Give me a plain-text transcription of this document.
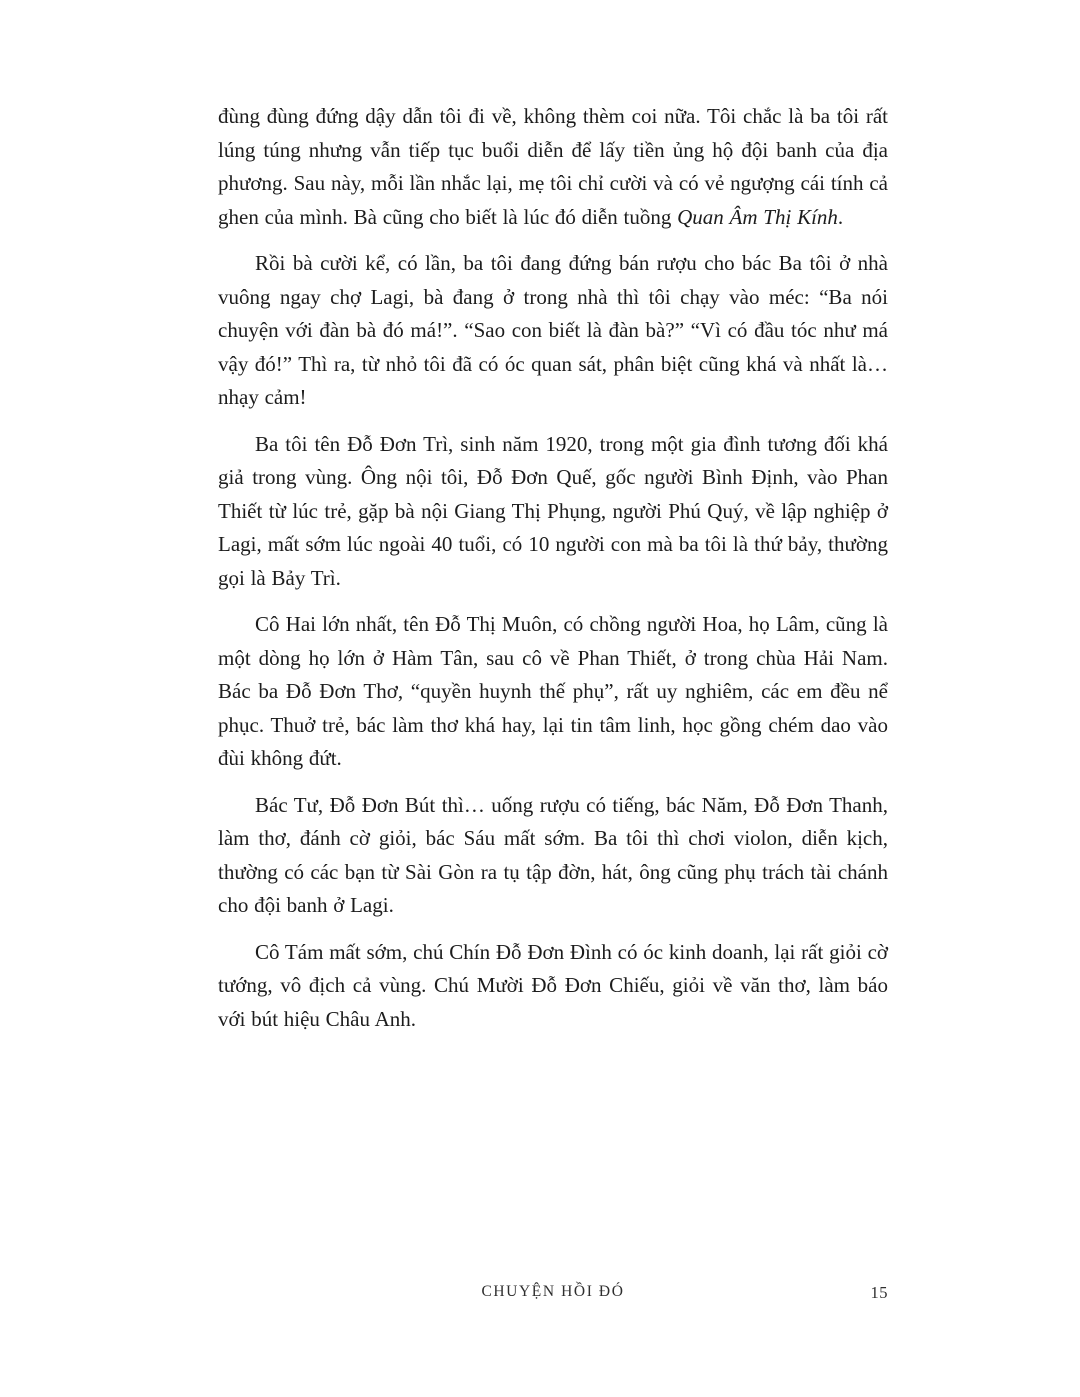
đùng đùng đứng dậy dẫn tôi đi về, không thèm coi nữa. Tôi chắc là ba tôi rất lúng túng nhưng vẫn tiếp tục buổi diễn để lấy tiền ủng hộ đội banh của địa phương. Sau này, mỗi lần nhắc lại, mẹ tôi chỉ cười và có vẻ ngượng cái tính cả ghen của mình. Bà cũng cho biết là lúc đó diễn tuồng Quan Âm Thị Kính.

Rồi bà cười kể, có lần, ba tôi đang đứng bán rượu cho bác Ba tôi ở nhà vuông ngay chợ Lagi, bà đang ở trong nhà thì tôi chạy vào méc: “Ba nói chuyện với đàn bà đó má!”. “Sao con biết là đàn bà?” “Vì có đầu tóc như má vậy đó!” Thì ra, từ nhỏ tôi đã có óc quan sát, phân biệt cũng khá và nhất là… nhạy cảm!

Ba tôi tên Đỗ Đơn Trì, sinh năm 1920, trong một gia đình tương đối khá giả trong vùng. Ông nội tôi, Đỗ Đơn Quế, gốc người Bình Định, vào Phan Thiết từ lúc trẻ, gặp bà nội Giang Thị Phụng, người Phú Quý, về lập nghiệp ở Lagi, mất sớm lúc ngoài 40 tuổi, có 10 người con mà ba tôi là thứ bảy, thường gọi là Bảy Trì.

Cô Hai lớn nhất, tên Đỗ Thị Muôn, có chồng người Hoa, họ Lâm, cũng là một dòng họ lớn ở Hàm Tân, sau cô về Phan Thiết, ở trong chùa Hải Nam. Bác ba Đỗ Đơn Thơ, “quyền huynh thế phụ”, rất uy nghiêm, các em đều nể phục. Thuở trẻ, bác làm thơ khá hay, lại tin tâm linh, học gồng chém dao vào đùi không đứt.

Bác Tư, Đỗ Đơn Bút thì… uống rượu có tiếng, bác Năm, Đỗ Đơn Thanh, làm thơ, đánh cờ giỏi, bác Sáu mất sớm. Ba tôi thì chơi violon, diễn kịch, thường có các bạn từ Sài Gòn ra tụ tập đờn, hát, ông cũng phụ trách tài chánh cho đội banh ở Lagi.

Cô Tám mất sớm, chú Chín Đỗ Đơn Đình có óc kinh doanh, lại rất giỏi cờ tướng, vô địch cả vùng. Chú Mười Đỗ Đơn Chiếu, giỏi về văn thơ, làm báo với bút hiệu Châu Anh.

CHUYỆN HỒI ĐÓ	15
